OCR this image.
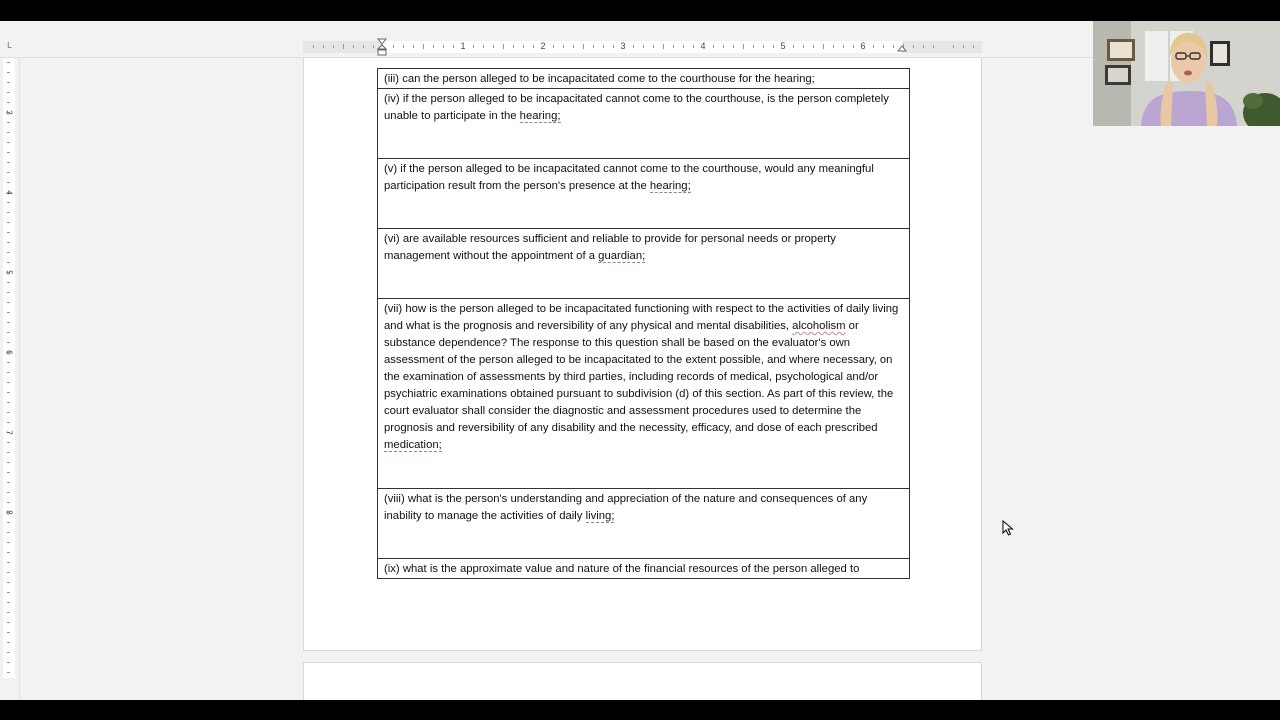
└	1	2	3	4	5	6
3
4
5
6
7
8
(iii) can the person alleged to be incapacitated come to the courthouse for the hearing;
(iv) if the person alleged to be incapacitated cannot come to the courthouse, is the person completely unable to participate in the hearing;
(v) if the person alleged to be incapacitated cannot come to the courthouse, would any meaningful participation result from the person's presence at the hearing;
(vi) are available resources sufficient and reliable to provide for personal needs or property management without the appointment of a guardian;
(vii) how is the person alleged to be incapacitated functioning with respect to the activities of daily living and what is the prognosis and reversibility of any physical and mental disabilities, alcoholism or substance dependence? The response to this question shall be based on the evaluator's own assessment of the person alleged to be incapacitated to the extent possible, and where necessary, on the examination of assessments by third parties, including records of medical, psychological and/or psychiatric examinations obtained pursuant to subdivision (d) of this section. As part of this review, the court evaluator shall consider the diagnostic and assessment procedures used to determine the prognosis and reversibility of any disability and the necessity, efficacy, and dose of each prescribed medication;
(viii) what is the person's understanding and appreciation of the nature and consequences of any inability to manage the activities of daily living;
(ix) what is the approximate value and nature of the financial resources of the person alleged to
